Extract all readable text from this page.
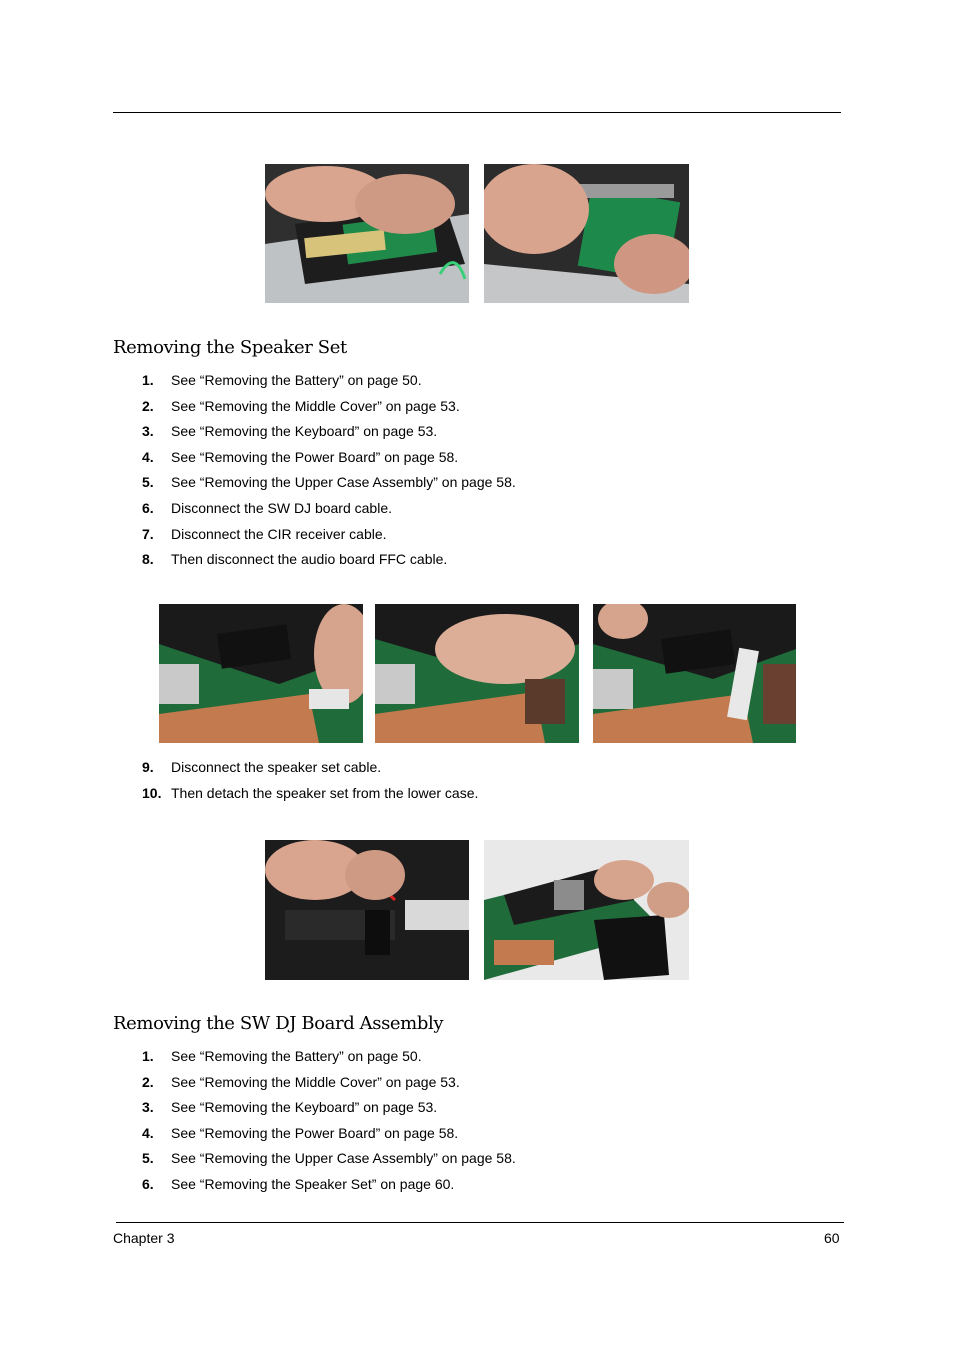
Removing the Speaker Set
1.	See “Removing the Battery” on page 50.
2.	See “Removing the Middle Cover” on page 53.
3.	See “Removing the Keyboard” on page 53.
4.	See “Removing the Power Board” on page 58.
5.	See “Removing the Upper Case Assembly” on page 58.
6.	Disconnect the SW DJ board cable.
7.	Disconnect the CIR receiver cable.
8.	Then disconnect the audio board FFC cable.
9.	Disconnect the speaker set cable.
10. Then detach the speaker set from the lower case.
Removing the SW DJ Board Assembly
1.	See “Removing the Battery” on page 50.
2.	See “Removing the Middle Cover” on page 53.
3.	See “Removing the Keyboard” on page 53.
4.	See “Removing the Power Board” on page 58.
5.	See “Removing the Upper Case Assembly” on page 58.
6.	See “Removing the Speaker Set” on page 60.
Chapter 3	60
